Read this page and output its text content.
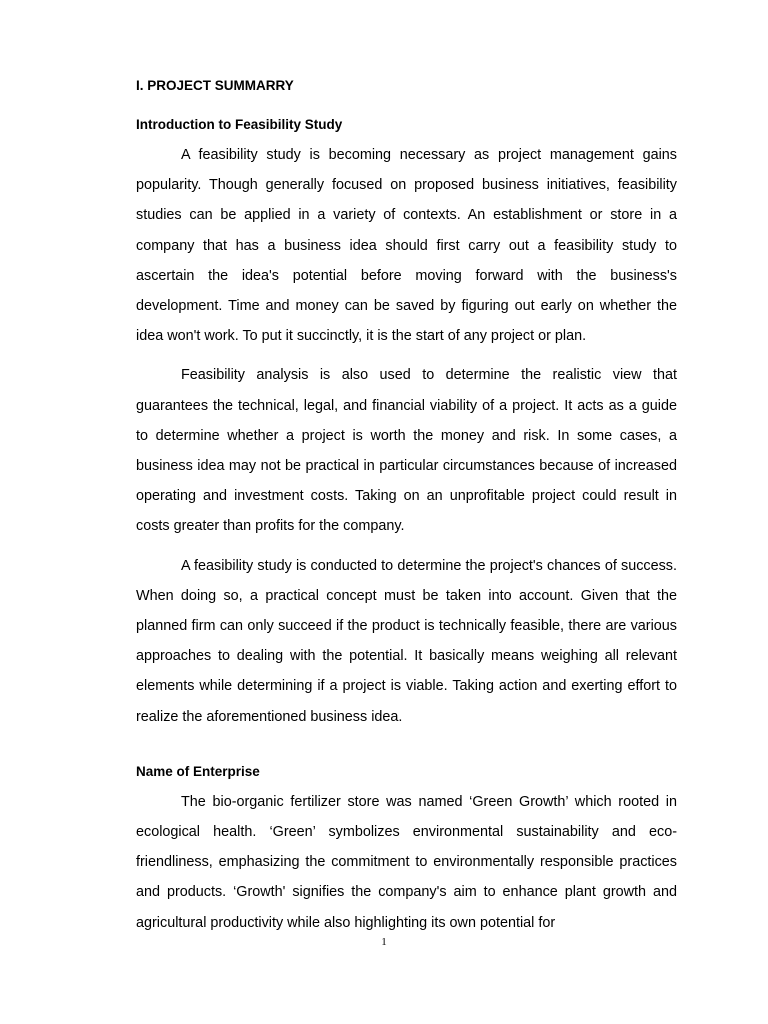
I. PROJECT SUMMARRY
Introduction to Feasibility Study

A feasibility study is becoming necessary as project management gains popularity. Though generally focused on proposed business initiatives, feasibility studies can be applied in a variety of contexts. An establishment or store in a company that has a business idea should first carry out a feasibility study to ascertain the idea's potential before moving forward with the business's development. Time and money can be saved by figuring out early on whether the idea won't work. To put it succinctly, it is the start of any project or plan.

Feasibility analysis is also used to determine the realistic view that guarantees the technical, legal, and financial viability of a project. It acts as a guide to determine whether a project is worth the money and risk. In some cases, a business idea may not be practical in particular circumstances because of increased operating and investment costs. Taking on an unprofitable project could result in costs greater than profits for the company.

A feasibility study is conducted to determine the project's chances of success. When doing so, a practical concept must be taken into account. Given that the planned firm can only succeed if the product is technically feasible, there are various approaches to dealing with the potential. It basically means weighing all relevant elements while determining if a project is viable. Taking action and exerting effort to realize the aforementioned business idea.

Name of Enterprise

The bio-organic fertilizer store was named ‘Green Growth’ which rooted in ecological health. ‘Green’ symbolizes environmental sustainability and eco-friendliness, emphasizing the commitment to environmentally responsible practices and products. ‘Growth' signifies the company's aim to enhance plant growth and agricultural productivity while also highlighting its own potential for

1
